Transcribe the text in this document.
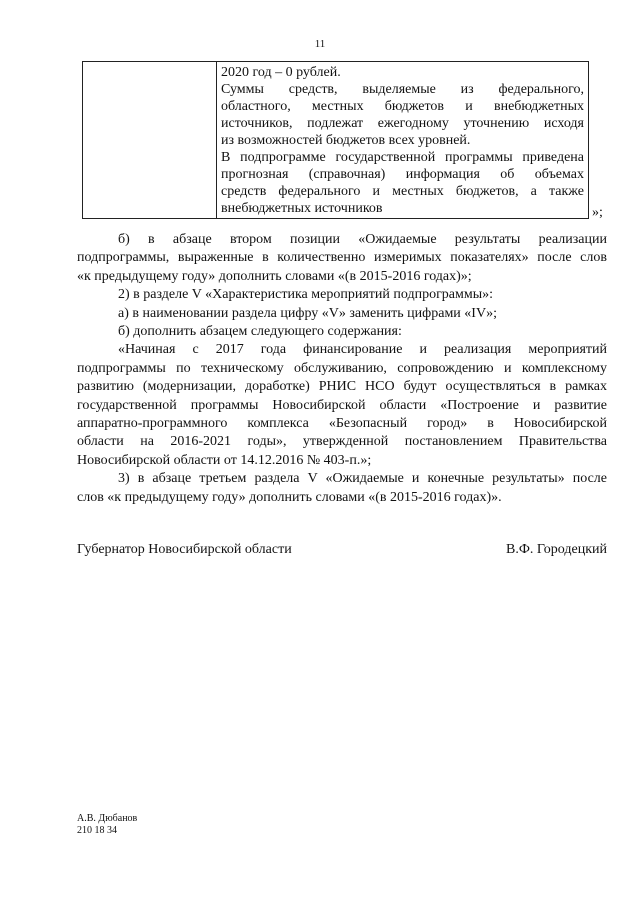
11

2020 год – 0 рублей.
Суммы средств, выделяемые из федерального,
областного, местных бюджетов и внебюджетных
источников, подлежат ежегодному уточнению исходя
из возможностей бюджетов всех уровней.
В подпрограмме государственной программы приведена
прогнозная (справочная) информация об объемах
средств федерального и местных бюджетов, а также
внебюджетных источников	»;

б) в абзаце втором позиции «Ожидаемые результаты реализации
подпрограммы, выраженные в количественно измеримых показателях» после слов
«к предыдущему году» дополнить словами «(в 2015-2016 годах)»;

2) в разделе V «Характеристика мероприятий подпрограммы»:

а) в наименовании раздела цифру «V» заменить цифрами «IV»;

б) дополнить абзацем следующего содержания:

«Начиная с 2017 года финансирование и реализация мероприятий
подпрограммы по техническому обслуживанию, сопровождению и комплексному
развитию (модернизации, доработке) РНИС НСО будут осуществляться в рамках
государственной программы Новосибирской области «Построение и развитие
аппаратно-программного комплекса «Безопасный город» в Новосибирской
области на 2016-2021 годы», утвержденной постановлением Правительства
Новосибирской области от 14.12.2016 № 403-п.»;

3) в абзаце третьем раздела V «Ожидаемые и конечные результаты» после
слов «к предыдущему году» дополнить словами «(в 2015-2016 годах)».

Губернатор Новосибирской области	В.Ф. Городецкий
А.В. Дюбанов
210 18 34
